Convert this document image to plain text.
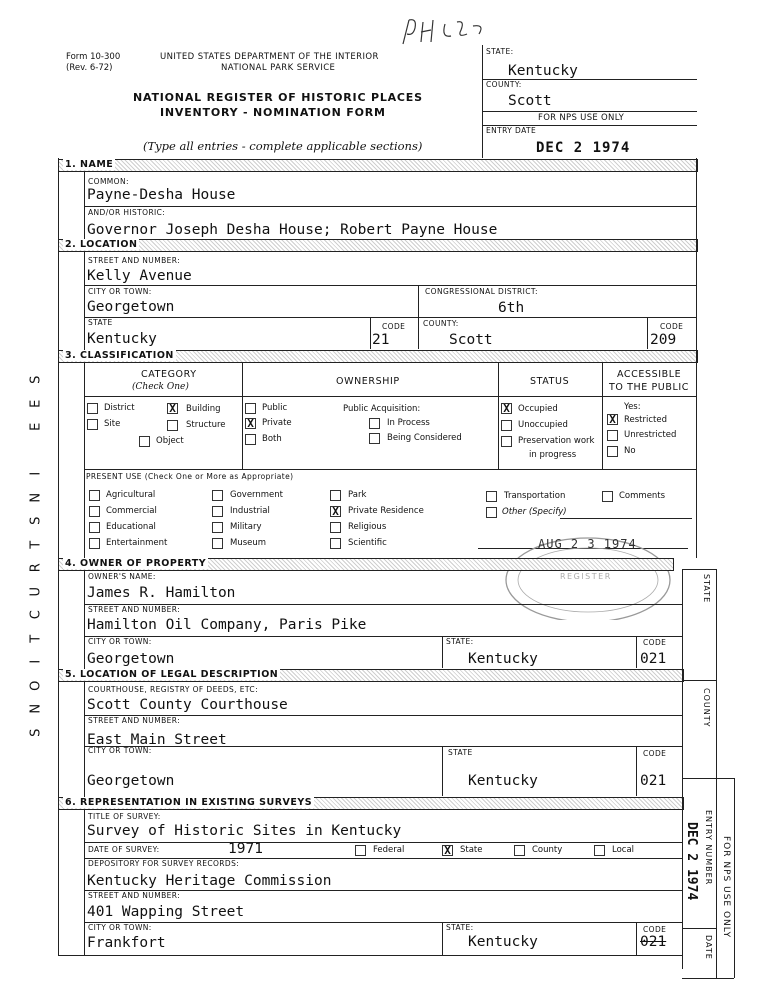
Form 10-300
(Rev. 6-72)
UNITED STATES DEPARTMENT OF THE INTERIOR
NATIONAL PARK SERVICE
NATIONAL REGISTER OF HISTORIC PLACES
INVENTORY - NOMINATION FORM
(Type all entries - complete applicable sections)
STATE:
Kentucky
COUNTY:
Scott
FOR NPS USE ONLY
ENTRY DATE
DEC 2 1974
S
E
E

I
N
S
T
R
U
C
T
I
O
N
S
1. NAME
COMMON:
Payne-Desha House
AND/OR HISTORIC:
Governor Joseph Desha House; Robert Payne House
2. LOCATION
STREET AND NUMBER:
Kelly Avenue
CITY OR TOWN:
Georgetown
CONGRESSIONAL DISTRICT:
6th
STATE
Kentucky
CODE
21
COUNTY:
Scott
CODE
209
3. CLASSIFICATION
CATEGORY
(Check One)	OWNERSHIP	STATUS
ACCESSIBLE
TO THE PUBLIC
District	X Building
Site	Structure
Object
Public
X Private
Both
Public Acquisition:
In Process
Being Considered
X Occupied
Unoccupied
Preservation work
in progress
Yes:
X Restricted
Unrestricted
No
PRESENT USE (Check One or More as Appropriate)
Agricultural
Commercial
Educational
Entertainment
Government
Industrial
Military
Museum
Park
X Private Residence
Religious
Scientific
Transportation
Other (Specify)
Comments
AUG 2 3 1974
REGISTER
4. OWNER OF PROPERTY
OWNER'S NAME:
James R. Hamilton
STREET AND NUMBER:
Hamilton Oil Company, Paris Pike
CITY OR TOWN:
Georgetown
STATE:
Kentucky
CODE
021
5. LOCATION OF LEGAL DESCRIPTION
COURTHOUSE, REGISTRY OF DEEDS, ETC:
Scott County Courthouse
STREET AND NUMBER:
East Main Street
CITY OR TOWN:
Georgetown
STATE
Kentucky
CODE
021
6. REPRESENTATION IN EXISTING SURVEYS
TITLE OF SURVEY:
Survey of Historic Sites in Kentucky
DATE OF SURVEY:	1971	Federal	X State	County	Local
DEPOSITORY FOR SURVEY RECORDS:
Kentucky Heritage Commission
STREET AND NUMBER:
401 Wapping Street
CITY OR TOWN:
Frankfort
STATE:
Kentucky
CODE
021
STATE
COUNTY
ENTRY NUMBER
DATE
FOR NPS USE ONLY
DEC 2 1974
